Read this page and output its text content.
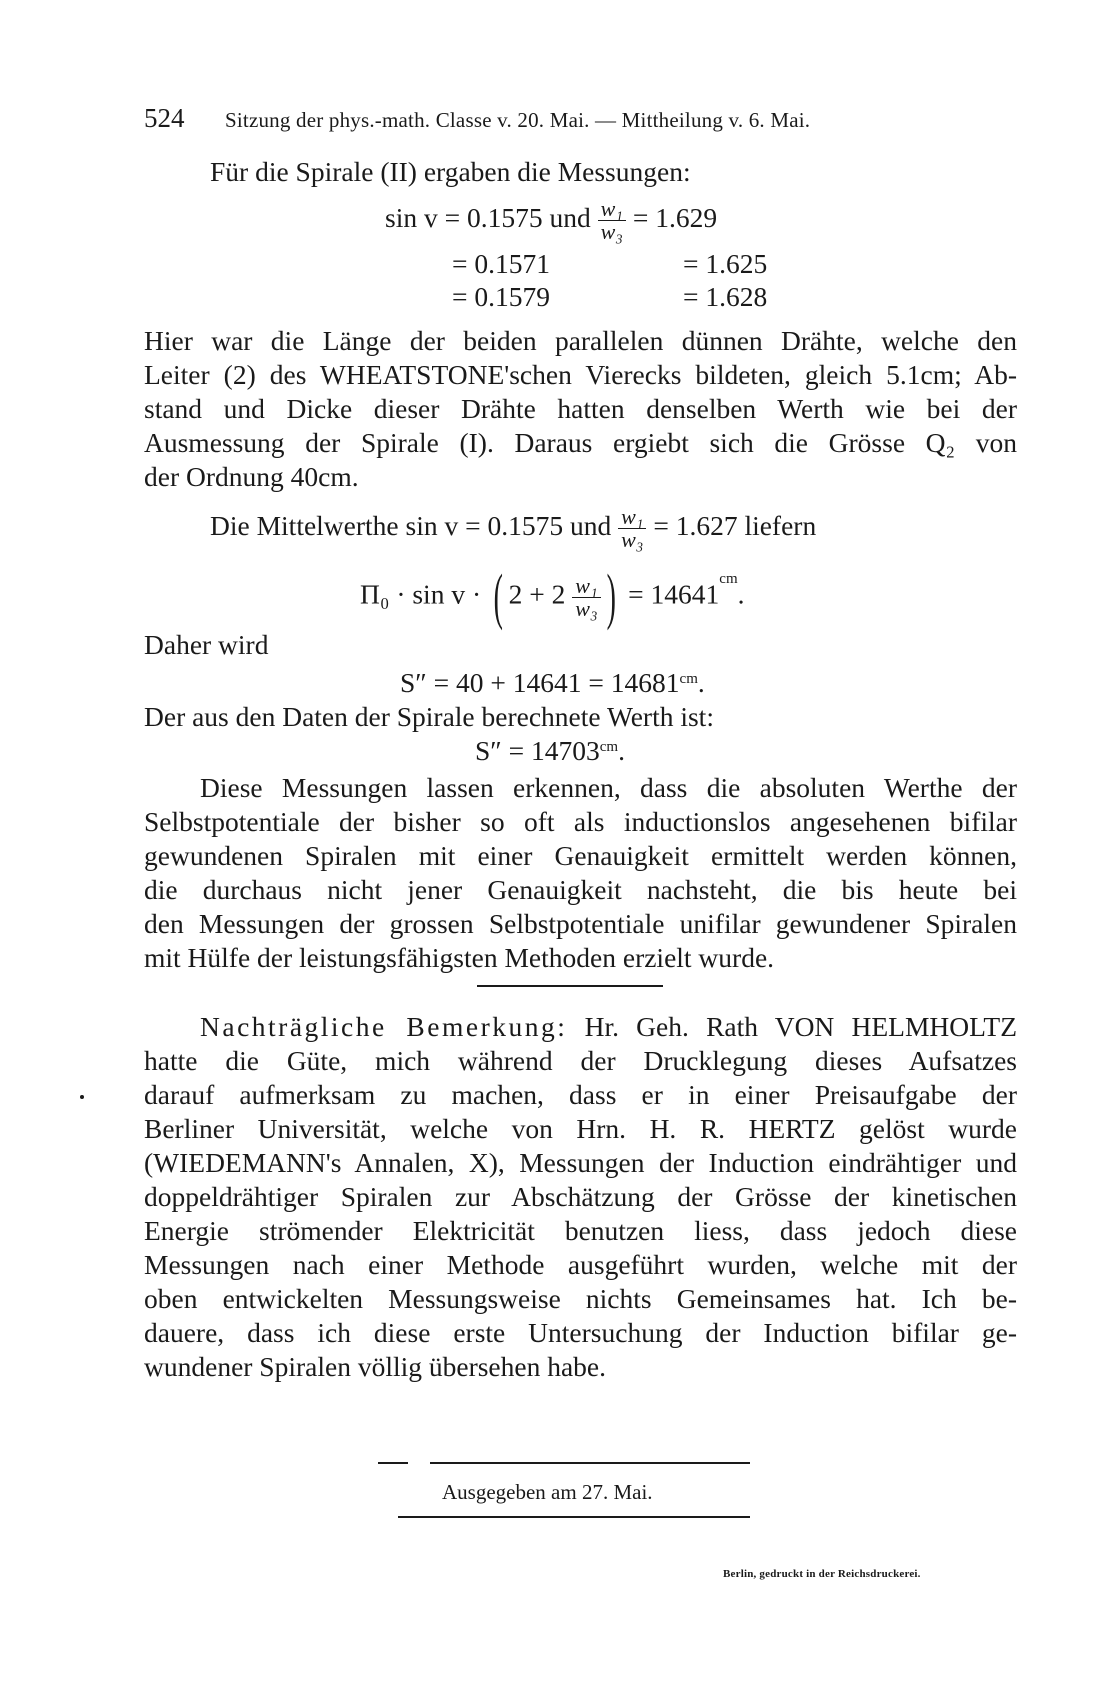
524 Sitzung der phys.-math. Classe v. 20. Mai. — Mittheilung v. 6. Mai.
Für die Spirale (II) ergaben die Messungen:
sin v = 0.1575 und $\frac{\text{w₁}}{\text{w₃}} = 1.629$
= 0.1571	= 1.625
= 0.1579	= 1.628
Hier war die Länge der beiden parallelen dünnen Drähte, welche den
Leiter (2) des WHEATSTONE'schen Vierecks bildeten, gleich 5.1cm; Ab-
stand und Dicke dieser Drähte hatten denselben Werth wie bei der
Ausmessung der Spirale (I). Daraus ergiebt sich die Grösse Q₂ von
der Ordnung 40cm.
Die Mittelwerthe sin v = 0.1575 und $\frac{\text{w₁}}{\text{w₃}} = 1.627$ liefern
Π₀ · sin v · ( $2 + 2 \frac{\text{w₁}}{\text{w₃}}$ ) = $14641^{cm}$.
Daher wird
$S'' = 40 + 14641 = 14681^{cm}$.
Der aus den Daten der Spirale berechnete Werth ist:
$S'' = 14703^{cm}$.
Diese Messungen lassen erkennen, dass die absoluten Werthe der
Selbstpotentiale der bisher so oft als inductionslos angesehenen bifilar
gewundenen Spiralen mit einer Genauigkeit ermittelt werden können,
die durchaus nicht jener Genauigkeit nachsteht, die bis heute bei
den Messungen der grossen Selbstpotentiale unifilar gewundener Spiralen
mit Hülfe der leistungsfähigsten Methoden erzielt wurde.
Nachträgliche Bemerkung: Hr. Geh. Rath VON HELMHOLTZ
hatte die Güte, mich während der Drucklegung dieses Aufsatzes
darauf aufmerksam zu machen, dass er in einer Preisaufgabe der
Berliner Universität, welche von Hrn. H. R. HERTZ gelöst wurde
(WIEDEMANN's Annalen, X), Messungen der Induction eindrähtiger und
doppeldrähtiger Spiralen zur Abschätzung der Grösse der kinetischen
Energie strömender Elektricität benutzen liess, dass jedoch diese
Messungen nach einer Methode ausgeführt wurden, welche mit der
oben entwickelten Messungsweise nichts Gemeinsames hat. Ich be-
dauere, dass ich diese erste Untersuchung der Induction bifilar ge-
wundener Spiralen völlig übersehen habe.
Ausgegeben am 27. Mai.
Berlin, gedruckt in der Reichsdruckerei.
